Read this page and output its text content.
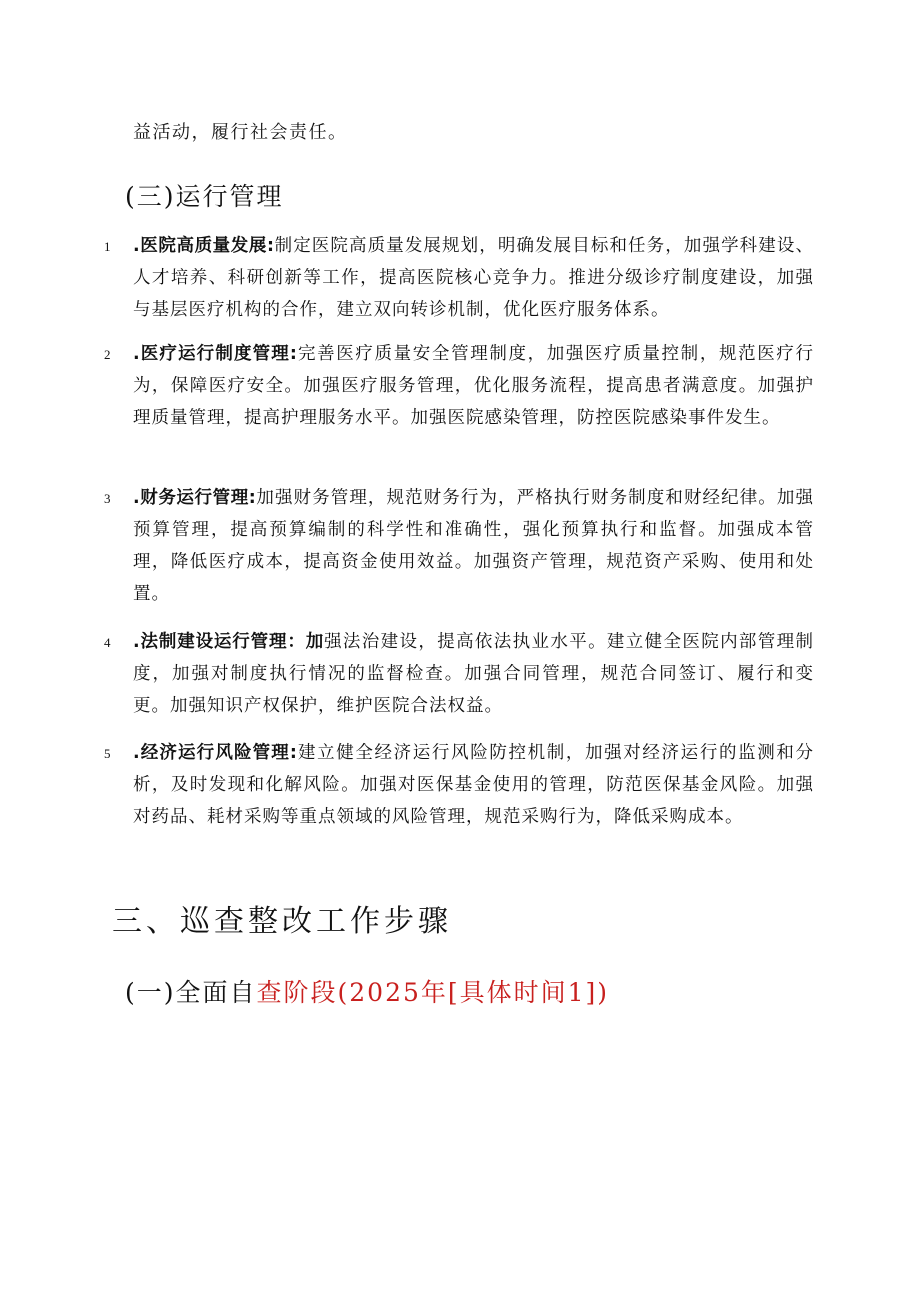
益活动，履行社会责任。
(三)运行管理
1 .医院高质量发展:制定医院高质量发展规划，明确发展目标和任务，加强学科建设、人才培养、科研创新等工作，提高医院核心竞争力。推进分级诊疗制度建设，加强与基层医疗机构的合作，建立双向转诊机制，优化医疗服务体系。
2 .医疗运行制度管理:完善医疗质量安全管理制度，加强医疗质量控制，规范医疗行为，保障医疗安全。加强医疗服务管理，优化服务流程，提高患者满意度。加强护理质量管理，提高护理服务水平。加强医院感染管理，防控医院感染事件发生。
3 .财务运行管理:加强财务管理，规范财务行为，严格执行财务制度和财经纪律。加强预算管理，提高预算编制的科学性和准确性，强化预算执行和监督。加强成本管理，降低医疗成本，提高资金使用效益。加强资产管理，规范资产采购、使用和处置。
4 .法制建设运行管理：加强法治建设，提高依法执业水平。建立健全医院内部管理制度，加强对制度执行情况的监督检查。加强合同管理，规范合同签订、履行和变更。加强知识产权保护，维护医院合法权益。
5 .经济运行风险管理:建立健全经济运行风险防控机制，加强对经济运行的监测和分析，及时发现和化解风险。加强对医保基金使用的管理，防范医保基金风险。加强对药品、耗材采购等重点领域的风险管理，规范采购行为，降低采购成本。
三、巡查整改工作步骤
(一)全面自查阶段(2025年[具体时间1])
